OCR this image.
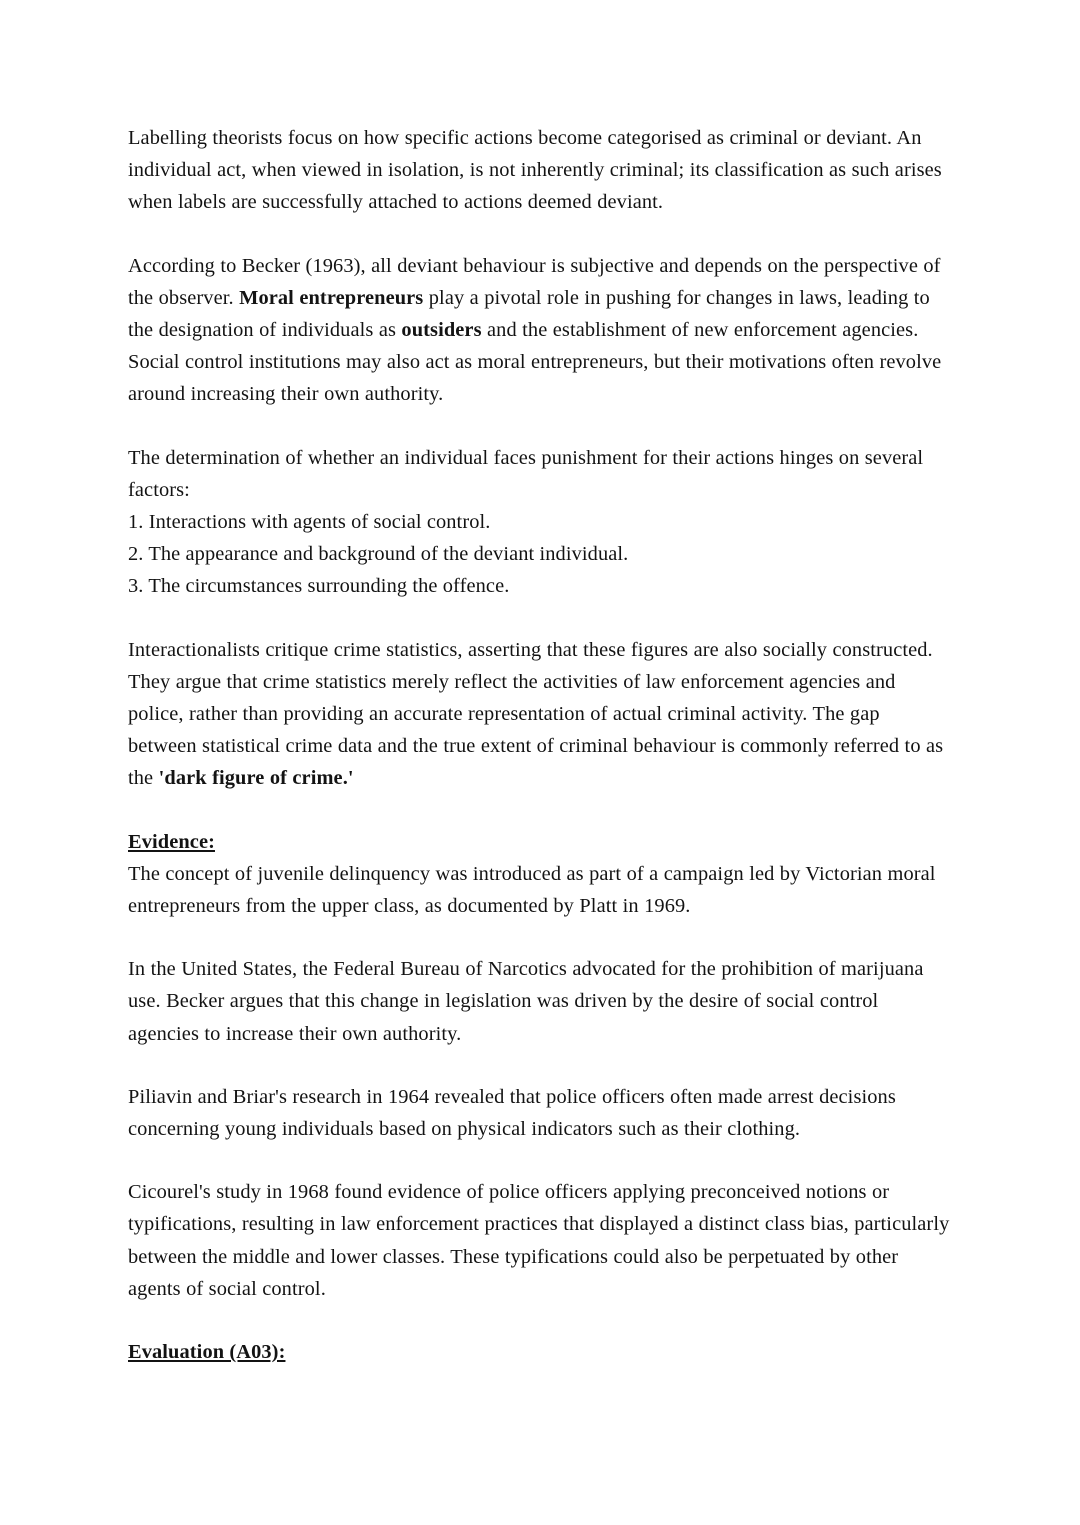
Labelling theorists focus on how specific actions become categorised as criminal or deviant. An individual act, when viewed in isolation, is not inherently criminal; its classification as such arises when labels are successfully attached to actions deemed deviant.

According to Becker (1963), all deviant behaviour is subjective and depends on the perspective of the observer. Moral entrepreneurs play a pivotal role in pushing for changes in laws, leading to the designation of individuals as outsiders and the establishment of new enforcement agencies. Social control institutions may also act as moral entrepreneurs, but their motivations often revolve around increasing their own authority.

The determination of whether an individual faces punishment for their actions hinges on several factors:

1. Interactions with agents of social control.
2. The appearance and background of the deviant individual.
3. The circumstances surrounding the offence.

Interactionalists critique crime statistics, asserting that these figures are also socially constructed. They argue that crime statistics merely reflect the activities of law enforcement agencies and police, rather than providing an accurate representation of actual criminal activity. The gap between statistical crime data and the true extent of criminal behaviour is commonly referred to as the 'dark figure of crime.'

Evidence:

The concept of juvenile delinquency was introduced as part of a campaign led by Victorian moral entrepreneurs from the upper class, as documented by Platt in 1969.

In the United States, the Federal Bureau of Narcotics advocated for the prohibition of marijuana use. Becker argues that this change in legislation was driven by the desire of social control agencies to increase their own authority.

Piliavin and Briar's research in 1964 revealed that police officers often made arrest decisions concerning young individuals based on physical indicators such as their clothing.

Cicourel's study in 1968 found evidence of police officers applying preconceived notions or typifications, resulting in law enforcement practices that displayed a distinct class bias, particularly between the middle and lower classes. These typifications could also be perpetuated by other agents of social control.

Evaluation (A03):
